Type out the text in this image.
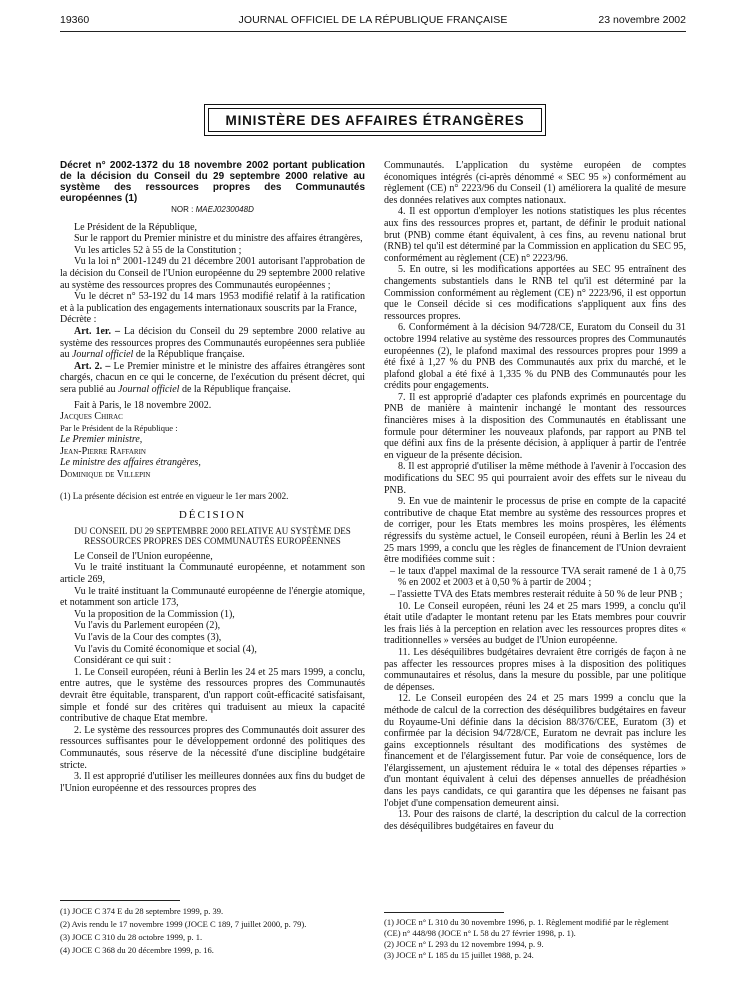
19360	JOURNAL OFFICIEL DE LA RÉPUBLIQUE FRANÇAISE	23 novembre 2002
MINISTÈRE DES AFFAIRES ÉTRANGÈRES

Décret n° 2002-1372 du 18 novembre 2002 portant publication de la décision du Conseil du 29 septembre 2000 relative au système des ressources propres des Communautés européennes (1)

NOR : MAEJ0230048D

Le Président de la République,

Sur le rapport du Premier ministre et du ministre des affaires étrangères,

Vu les articles 52 à 55 de la Constitution ;

Vu la loi n° 2001-1249 du 21 décembre 2001 autorisant l'approbation de la décision du Conseil de l'Union européenne du 29 septembre 2000 relative au système des ressources propres des Communautés européennes ;

Vu le décret n° 53-192 du 14 mars 1953 modifié relatif à la ratification et à la publication des engagements internationaux souscrits par la France,

Décrète :

Art. 1er. – La décision du Conseil du 29 septembre 2000 relative au système des ressources propres des Communautés européennes sera publiée au Journal officiel de la République française.

Art. 2. – Le Premier ministre et le ministre des affaires étrangères sont chargés, chacun en ce qui le concerne, de l'exécution du présent décret, qui sera publié au Journal officiel de la République française.

Fait à Paris, le 18 novembre 2002.

Jacques Chirac

Par le Président de la République :

Le Premier ministre,

Jean-Pierre Raffarin

Le ministre des affaires étrangères,

Dominique de Villepin

(1) La présente décision est entrée en vigueur le 1er mars 2002.

DÉCISION
DU CONSEIL DU 29 SEPTEMBRE 2000 RELATIVE AU SYSTÈME DES RESSOURCES PROPRES DES COMMUNAUTÉS EUROPÉENNES

Le Conseil de l'Union européenne,

Vu le traité instituant la Communauté européenne, et notamment son article 269,

Vu le traité instituant la Communauté européenne de l'énergie atomique, et notamment son article 173,

Vu la proposition de la Commission (1),

Vu l'avis du Parlement européen (2),

Vu l'avis de la Cour des comptes (3),

Vu l'avis du Comité économique et social (4),

Considérant ce qui suit :

1. Le Conseil européen, réuni à Berlin les 24 et 25 mars 1999, a conclu, entre autres, que le système des ressources propres des Communautés devrait être équitable, transparent, d'un rapport coût-efficacité satisfaisant, simple et fondé sur des critères qui traduisent au mieux la capacité contributive de chaque Etat membre.

2. Le système des ressources propres des Communautés doit assurer des ressources suffisantes pour le développement ordonné des politiques des Communautés, sous réserve de la nécessité d'une discipline budgétaire stricte.

3. Il est approprié d'utiliser les meilleures données aux fins du budget de l'Union européenne et des ressources propres des

Communautés. L'application du système européen de comptes économiques intégrés (ci-après dénommé « SEC 95 ») conformément au règlement (CE) n° 2223/96 du Conseil (1) améliorera la qualité de mesure des données relatives aux comptes nationaux.

4. Il est opportun d'employer les notions statistiques les plus récentes aux fins des ressources propres et, partant, de définir le produit national brut (PNB) comme étant équivalent, à ces fins, au revenu national brut (RNB) tel qu'il est déterminé par la Commission en application du SEC 95, conformément au règlement (CE) n° 2223/96.

5. En outre, si les modifications apportées au SEC 95 entraînent des changements substantiels dans le RNB tel qu'il est déterminé par la Commission conformément au règlement (CE) n° 2223/96, il est opportun que le Conseil décide si ces modifications s'appliquent aux fins des ressources propres.

6. Conformément à la décision 94/728/CE, Euratom du Conseil du 31 octobre 1994 relative au système des ressources propres des Communautés européennes (2), le plafond maximal des ressources propres pour 1999 a été fixé à 1,27 % du PNB des Communautés aux prix du marché, et le plafond global a été fixé à 1,335 % du PNB des Communautés pour les crédits pour engagements.

7. Il est approprié d'adapter ces plafonds exprimés en pourcentage du PNB de manière à maintenir inchangé le montant des ressources financières mises à la disposition des Communautés en établissant une formule pour déterminer les nouveaux plafonds, par rapport au PNB tel que défini aux fins de la présente décision, à appliquer à partir de l'entrée en vigueur de la présente décision.

8. Il est approprié d'utiliser la même méthode à l'avenir à l'occasion des modifications du SEC 95 qui pourraient avoir des effets sur le niveau du PNB.

9. En vue de maintenir le processus de prise en compte de la capacité contributive de chaque Etat membre au système des ressources propres et de corriger, pour les Etats membres les moins prospères, les éléments régressifs du système actuel, le Conseil européen, réuni à Berlin les 24 et 25 mars 1999, a conclu que les règles de financement de l'Union devraient être modifiées comme suit :

– le taux d'appel maximal de la ressource TVA serait ramené de 1 à 0,75 % en 2002 et 2003 et à 0,50 % à partir de 2004 ;

– l'assiette TVA des Etats membres resterait réduite à 50 % de leur PNB ;

10. Le Conseil européen, réuni les 24 et 25 mars 1999, a conclu qu'il était utile d'adapter le montant retenu par les Etats membres pour couvrir les frais liés à la perception en relation avec les ressources propres dites « traditionnelles » versées au budget de l'Union européenne.

11. Les déséquilibres budgétaires devraient être corrigés de façon à ne pas affecter les ressources propres mises à la disposition des politiques communautaires et résolus, dans la mesure du possible, par une politique de dépenses.

12. Le Conseil européen des 24 et 25 mars 1999 a conclu que la méthode de calcul de la correction des déséquilibres budgétaires en faveur du Royaume-Uni définie dans la décision 88/376/CEE, Euratom (3) et confirmée par la décision 94/728/CE, Euratom ne devrait pas inclure les gains exceptionnels résultant des modifications des systèmes de financement et de l'élargissement futur. Par voie de conséquence, lors de l'élargissement, un ajustement réduira le « total des dépenses réparties » d'un montant équivalent à celui des dépenses annuelles de préadhésion dans les pays candidats, ce qui garantira que les dépenses ne faisant pas l'objet d'une compensation demeurent ainsi.

13. Pour des raisons de clarté, la description du calcul de la correction des déséquilibres budgétaires en faveur du

(1) JOCE C 374 E du 28 septembre 1999, p. 39.

(2) Avis rendu le 17 novembre 1999 (JOCE C 189, 7 juillet 2000, p. 79).

(3) JOCE C 310 du 28 octobre 1999, p. 1.

(4) JOCE C 368 du 20 décembre 1999, p. 16.

(1) JOCE n° L 310 du 30 novembre 1996, p. 1. Règlement modifié par le règlement (CE) n° 448/98 (JOCE n° L 58 du 27 février 1998, p. 1).

(2) JOCE n° L 293 du 12 novembre 1994, p. 9.

(3) JOCE n° L 185 du 15 juillet 1988, p. 24.
